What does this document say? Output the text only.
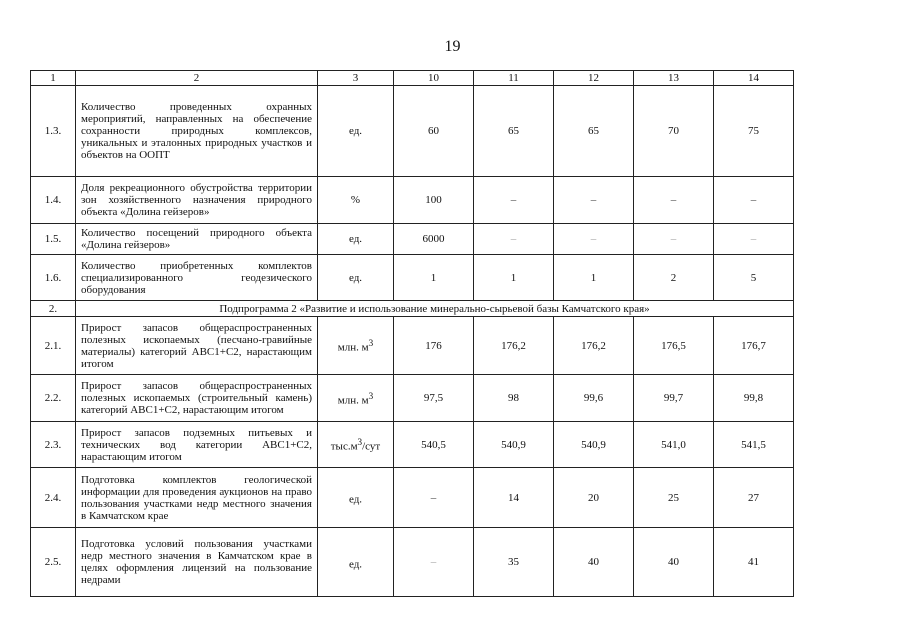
19
1	2	3	10	11	12	13	14
1.3.	Количество проведенных охранных мероприятий, направленных на обеспечение сохранности природных комплексов, уникальных и эталонных природных участков и объектов на ООПТ	ед.	60	65	65	70	75
1.4.	Доля рекреационного обустройства территории зон хозяйственного назначения природного объекта «Долина гейзеров»	%	100	–	–	–	–
1.5.	Количество посещений природного объекта «Долина гейзеров»	ед.	6000	–	–	–	–
1.6.	Количество приобретенных комплектов специализированного геодезического оборудования	ед.	1	1	1	2	5
2.	Подпрограмма 2 «Развитие и использование минерально-сырьевой базы Камчатского края»						
2.1.	Прирост запасов общераспространенных полезных ископаемых (песчано-гравийные материалы) категорий АВС1+С2, нарастающим итогом	млн. $м^3$	176	176,2	176,2	176,5	176,7
2.2.	Прирост запасов общераспространенных полезных ископаемых (строительный камень) категорий АВС1+С2, нарастающим итогом	млн. $м^3$	97,5	98	99,6	99,7	99,8
2.3.	Прирост запасов подземных питьевых и технических вод категории АВС1+С2, нарастающим итогом	$тыс.м^3$/сут	540,5	540,9	540,9	541,0	541,5
2.4.	Подготовка комплектов геологической информации для проведения аукционов на право пользования участками недр местного значения в Камчатском крае	ед.	–	14	20	25	27
2.5.	Подготовка условий пользования участками недр местного значения в Камчатском крае в целях оформления лицензий на пользование недрами	ед.	–	35	40	40	41
